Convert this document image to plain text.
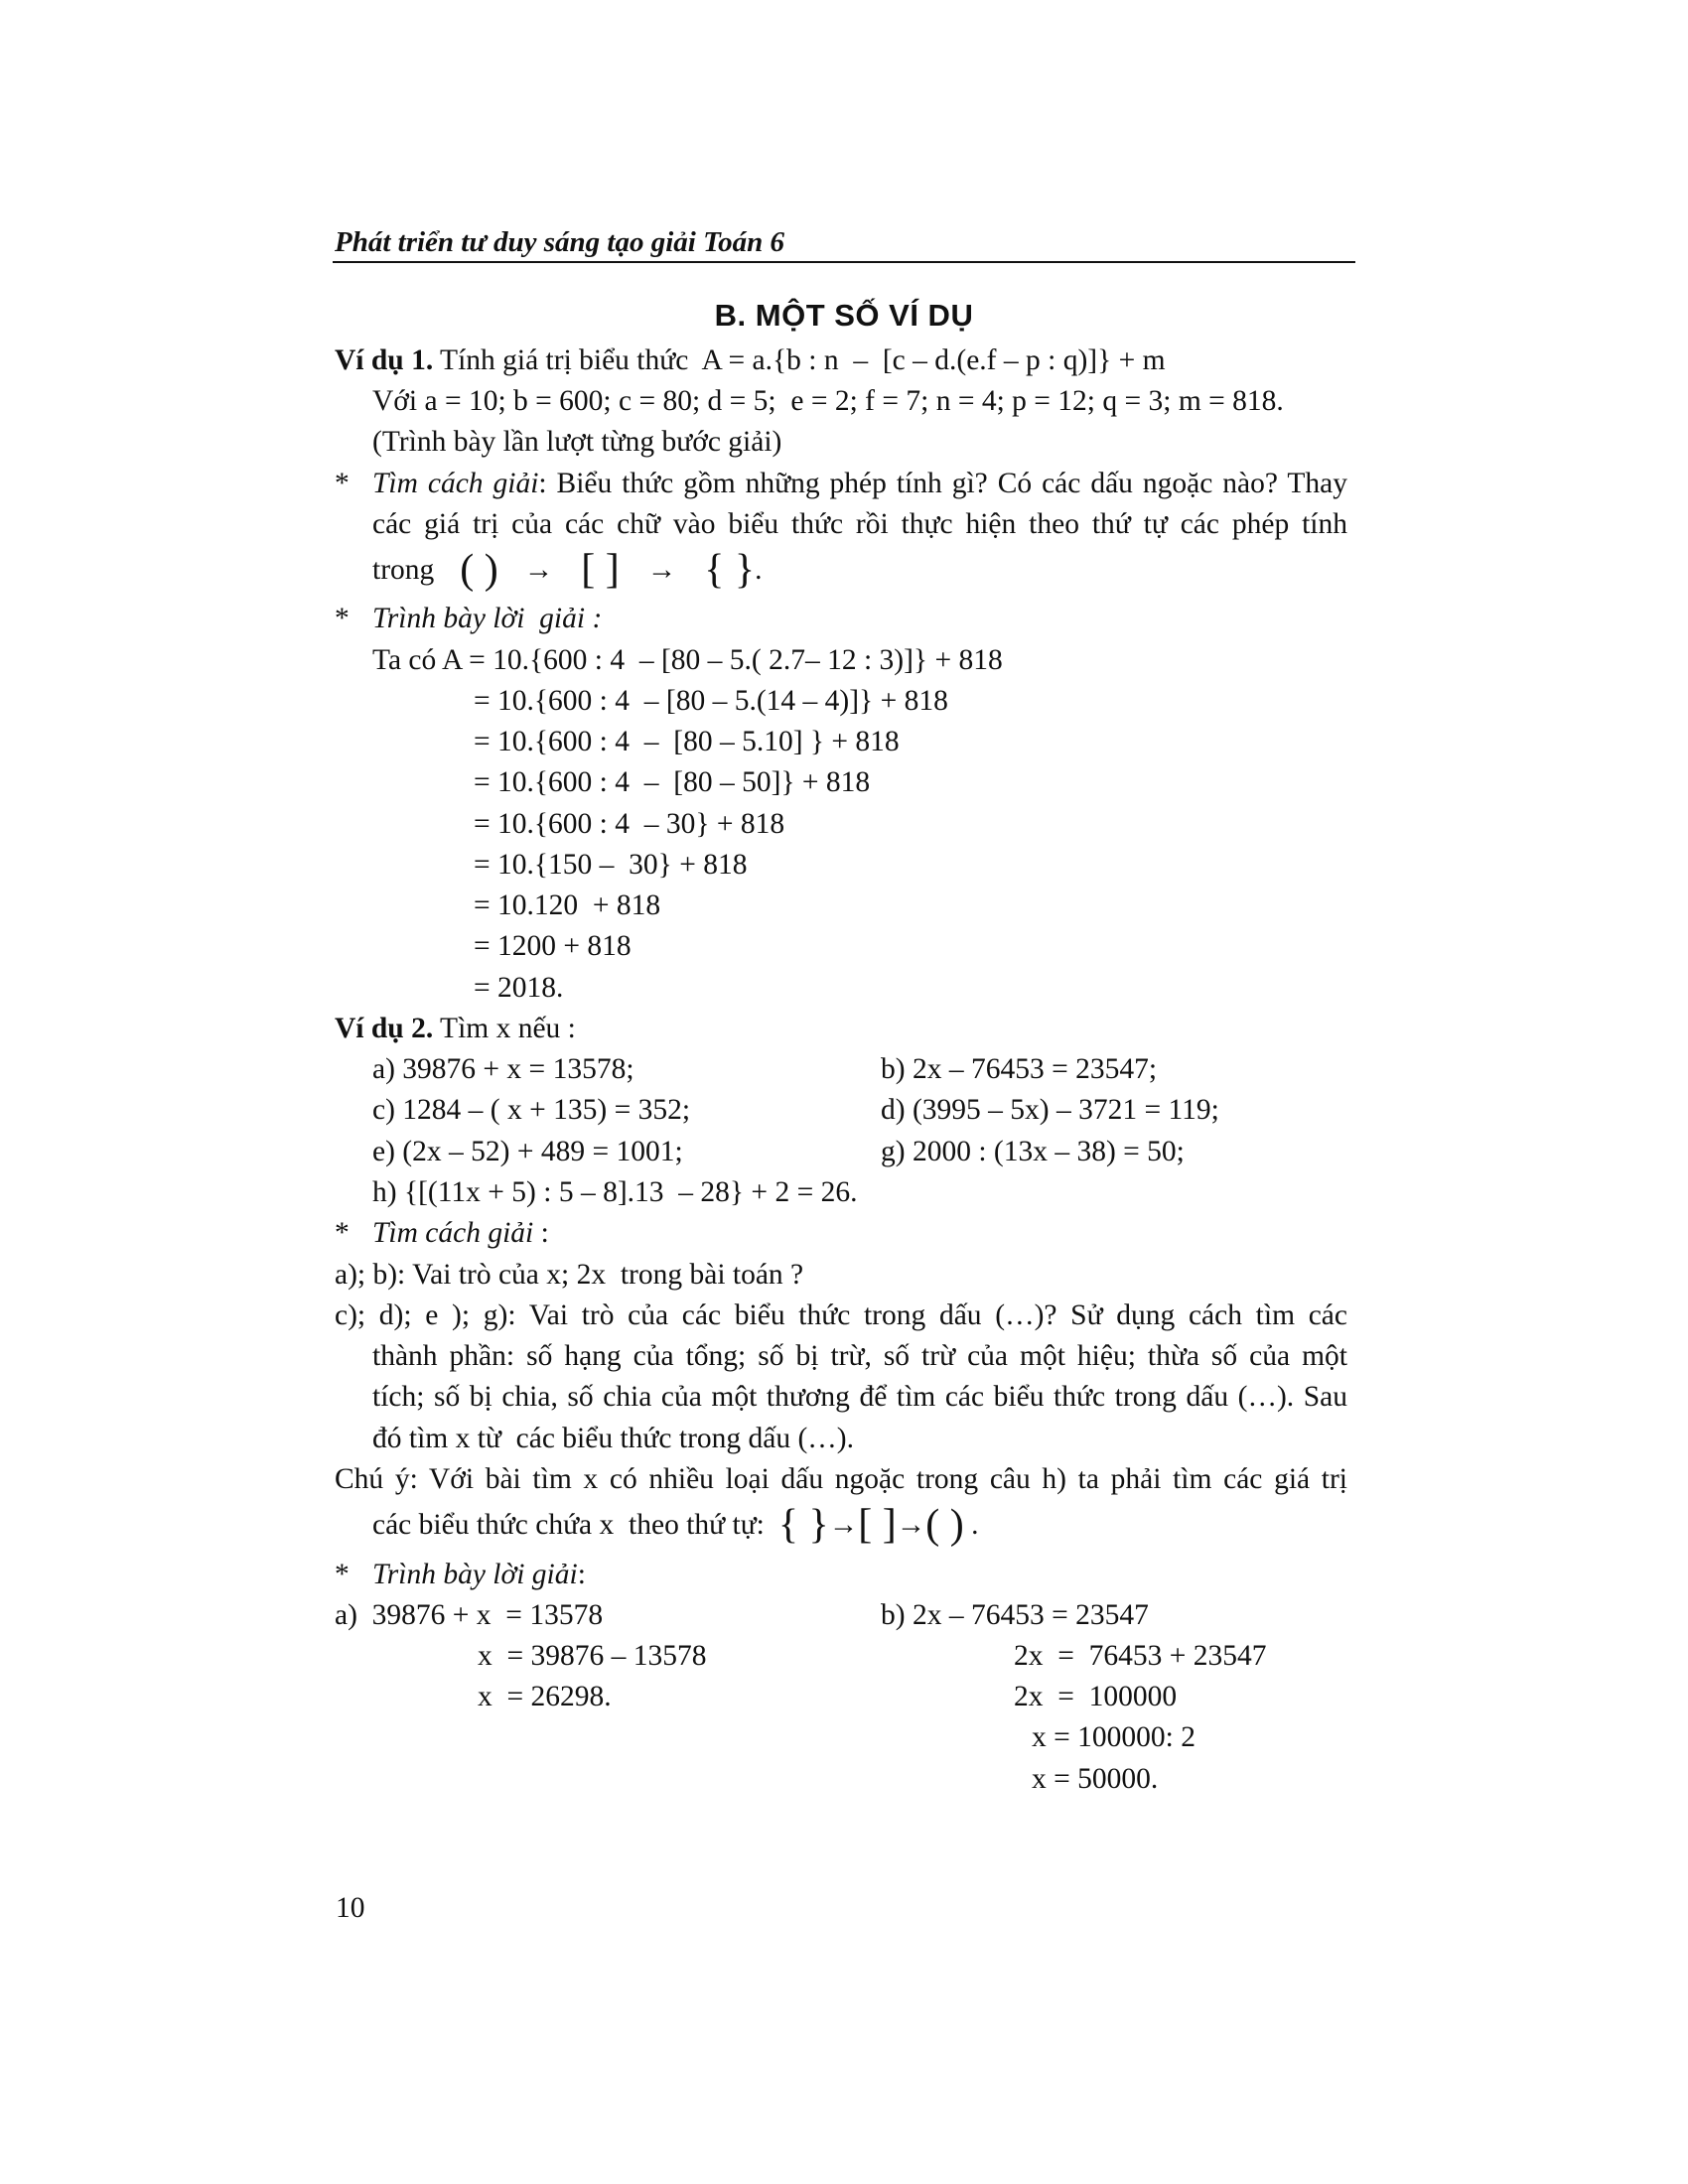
Phát triển tư duy sáng tạo giải Toán 6
B. MỘT SỐ VÍ DỤ
Ví dụ 1. Tính giá trị biểu thức  A = a.{b : n  –  [c – d.(e.f – p : q)]} + m
Với a = 10; b = 600; c = 80; d = 5;  e = 2; f = 7; n = 4; p = 12; q = 3; m = 818.
(Trình bày lần lượt từng bước giải)
* Tìm cách giải: Biểu thức gồm những phép tính gì? Có các dấu ngoặc nào? Thay
các giá trị của các chữ vào biểu thức rồi thực hiện theo thứ tự các phép tính
trong ( ) → [ ] → { }.
* Trình bày lời  giải :
Ta có A = 10.{600 : 4  – [80 – 5.( 2.7– 12 : 3)]} + 818
= 10.{600 : 4  – [80 – 5.(14 – 4)]} + 818
= 10.{600 : 4  –  [80 – 5.10] } + 818
= 10.{600 : 4  –  [80 – 50]} + 818
= 10.{600 : 4  – 30} + 818
= 10.{150 –  30} + 818
= 10.120  + 818
= 1200 + 818
= 2018.
Ví dụ 2. Tìm x nếu :
a) 39876 + x = 13578;	b) 2x – 76453 = 23547;
c) 1284 – ( x + 135) = 352;	d) (3995 – 5x) – 3721 = 119;
e) (2x – 52) + 489 = 1001;	g) 2000 : (13x – 38) = 50;
h) {[(11x + 5) : 5 – 8].13  – 28} + 2 = 26.
* Tìm cách giải :
a); b): Vai trò của x; 2x  trong bài toán ?
c); d); e ); g): Vai trò của các biểu thức trong dấu (…)? Sử dụng cách tìm các
thành phần: số hạng của tổng; số bị trừ, số trừ của một hiệu; thừa số của một
tích; số bị chia, số chia của một thương để tìm các biểu thức trong dấu (…). Sau
đó tìm x từ  các biểu thức trong dấu (…).
Chú ý: Với bài tìm x có nhiều loại dấu ngoặc trong câu h) ta phải tìm các giá trị
các biểu thức chứa x  theo thứ tự: { }→[ ]→( ) .
* Trình bày lời giải:
a)  39876 + x  = 13578
x  = 39876 – 13578
x  = 26298.
b) 2x – 76453 = 23547
2x  =  76453 + 23547
2x  =  100000
x = 100000: 2
x = 50000.
10
